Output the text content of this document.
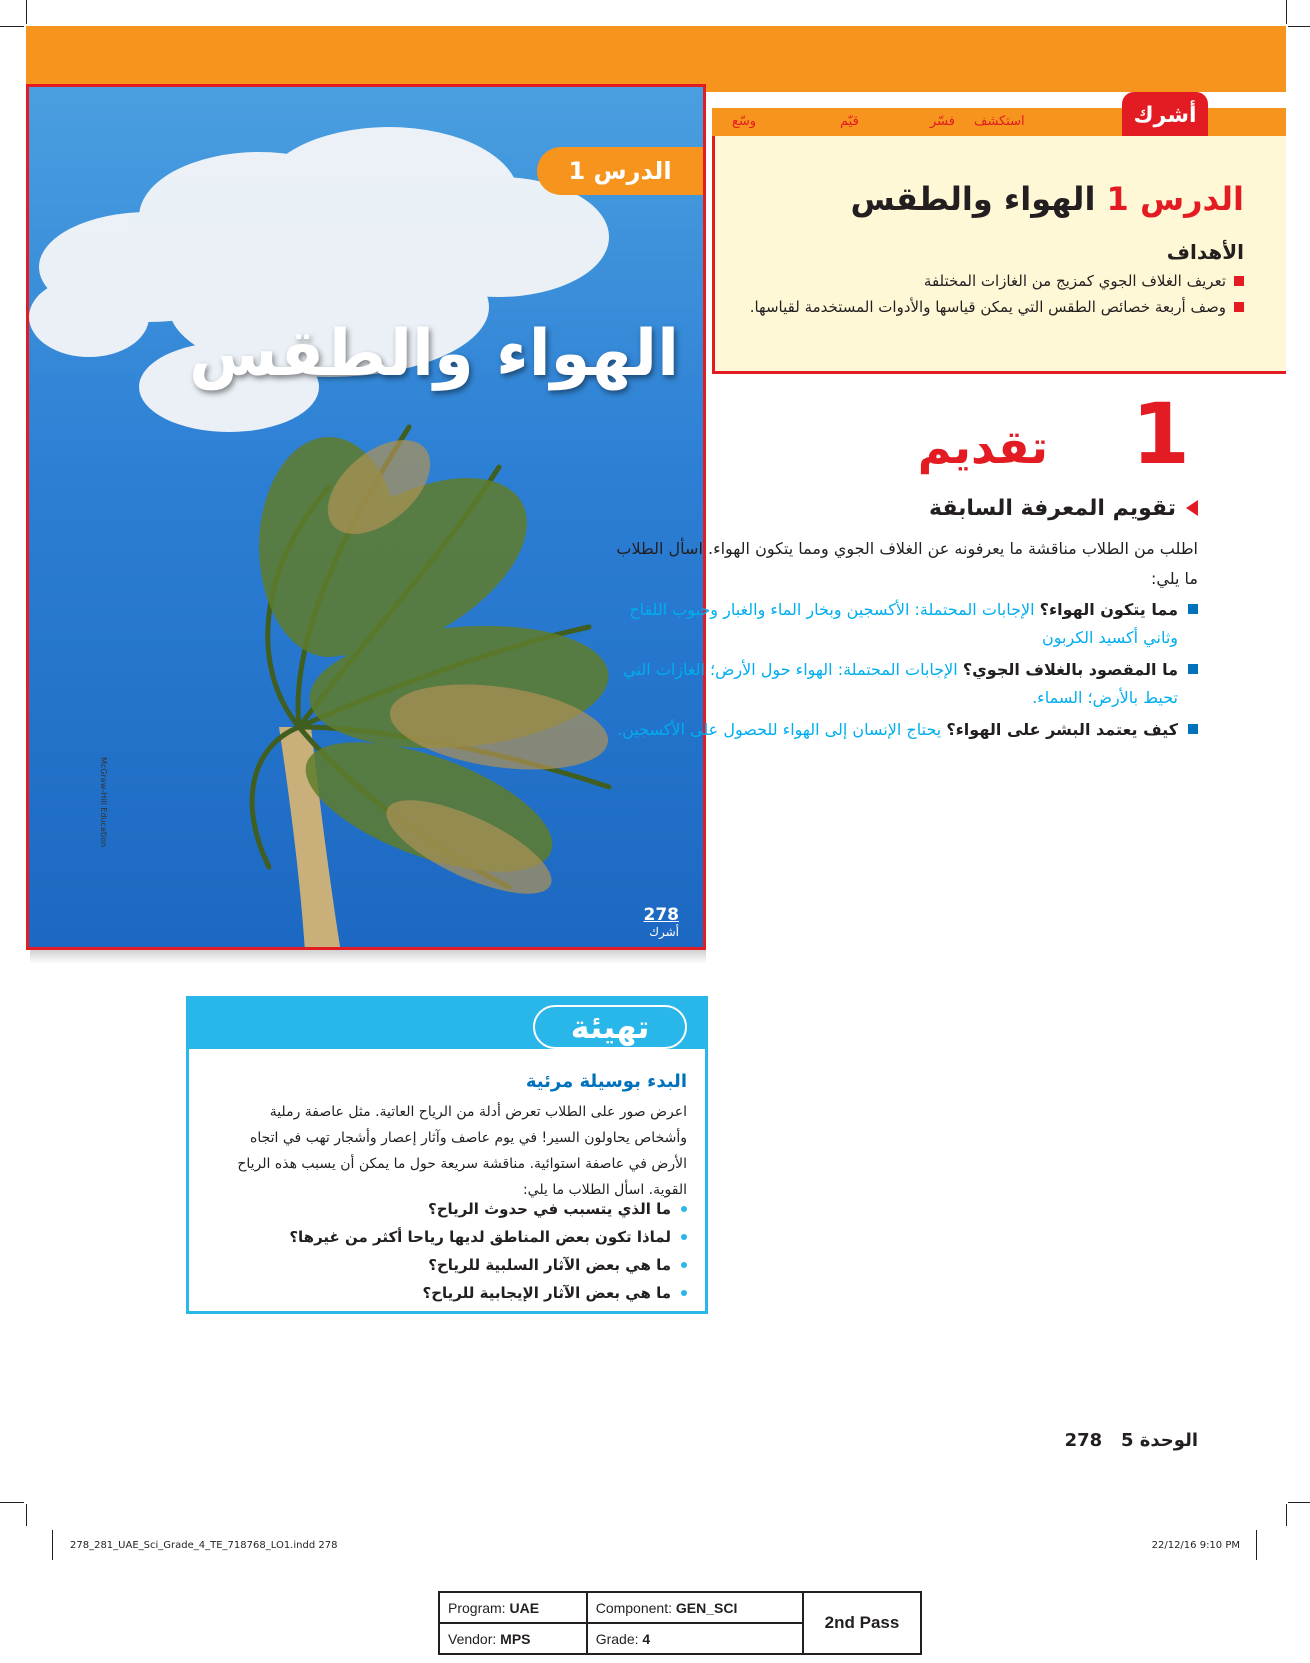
الدرس 1
الهواء والطقس
278
أشرك
McGraw-Hill Education
استكشف
فسّر
قيّم
وسّع	أشرك
الدرس 1 الهواء والطقس
الأهداف
تعريف الغلاف الجوي كمزيج من الغازات المختلفة
وصف أربعة خصائص الطقس التي يمكن قياسها والأدوات المستخدمة لقياسها.
1
تقديم
تقويم المعرفة السابقة

اطلب من الطلاب مناقشة ما يعرفونه عن الغلاف الجوي ومما يتكون الهواء. اسأل الطلاب ما يلي:

مما يتكون الهواء؟ الإجابات المحتملة: الأكسجين وبخار الماء والغبار وحبوب اللقاح وثاني أكسيد الكربون
ما المقصود بالغلاف الجوي؟ الإجابات المحتملة: الهواء حول الأرض؛ الغازات التي تحيط بالأرض؛ السماء.
كيف يعتمد البشر على الهواء؟ يحتاج الإنسان إلى الهواء للحصول على الأكسجين.
تهيئة
البدء بوسيلة مرئية

اعرض صور على الطلاب تعرض أدلة من الرياح العاتية. مثل عاصفة رملية وأشخاص يحاولون السير! في يوم عاصف وآثار إعصار وأشجار تهب في اتجاه الأرض في عاصفة استوائية. مناقشة سريعة حول ما يمكن أن يسبب هذه الرياح القوية. اسأل الطلاب ما يلي:

ما الذي يتسبب في حدوث الرياح؟
لماذا تكون بعض المناطق لديها رياحا أكثر من غيرها؟
ما هي بعض الآثار السلبية للرياح؟
ما هي بعض الآثار الإيجابية للرياح؟
الوحدة 5   278
278_281_UAE_Sci_Grade_4_TE_718768_LO1.indd 278	22/12/16 9:10 PM
Program: UAE	Component: GEN_SCI	2nd Pass
Vendor: MPS	Grade: 4	
